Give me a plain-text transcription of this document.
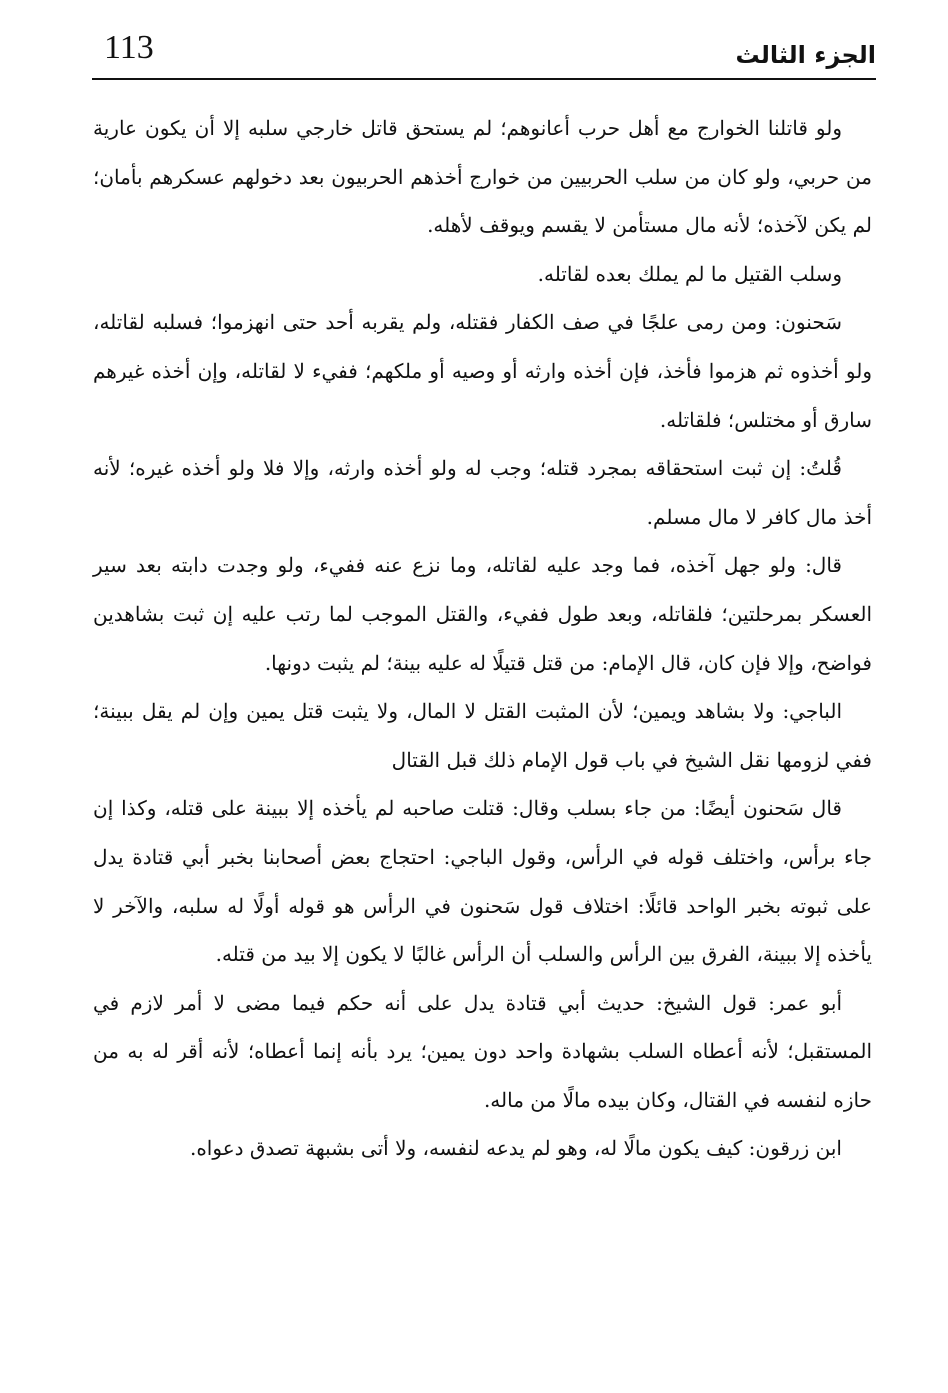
113	الجزء الثالث

ولو قاتلنا الخوارج مع أهل حرب أعانوهم؛ لم يستحق قاتل خارجي سلبه إلا أن يكون عارية من حربي، ولو كان من سلب الحربيين من خوارج أخذهم الحربيون بعد دخولهم عسكرهم بأمان؛ لم يكن لآخذه؛ لأنه مال مستأمن لا يقسم ويوقف لأهله.

وسلب القتيل ما لم يملك بعده لقاتله.

سَحنون: ومن رمى علجًا في صف الكفار فقتله، ولم يقربه أحد حتى انهزموا؛ فسلبه لقاتله، ولو أخذوه ثم هزموا فأخذ، فإن أخذه وارثه أو وصيه أو ملكهم؛ ففيء لا لقاتله، وإن أخذه غيرهم سارق أو مختلس؛ فلقاتله.

قُلتُ: إن ثبت استحقاقه بمجرد قتله؛ وجب له ولو أخذه وارثه، وإلا فلا ولو أخذه غيره؛ لأنه أخذ مال كافر لا مال مسلم.

قال: ولو جهل آخذه، فما وجد عليه لقاتله، وما نزع عنه ففيء، ولو وجدت دابته بعد سير العسكر بمرحلتين؛ فلقاتله، وبعد طول ففيء، والقتل الموجب لما رتب عليه إن ثبت بشاهدين فواضح، وإلا فإن كان، قال الإمام: من قتل قتيلًا له عليه بينة؛ لم يثبت دونها.

الباجي: ولا بشاهد ويمين؛ لأن المثبت القتل لا المال، ولا يثبت قتل يمين وإن لم يقل ببينة؛ ففي لزومها نقل الشيخ في باب قول الإمام ذلك قبل القتال

قال سَحنون أيضًا: من جاء بسلب وقال: قتلت صاحبه لم يأخذه إلا ببينة على قتله، وكذا إن جاء برأس، واختلف قوله في الرأس، وقول الباجي: احتجاج بعض أصحابنا بخبر أبي قتادة يدل على ثبوته بخبر الواحد قائلًا: اختلاف قول سَحنون في الرأس هو قوله أولًا له سلبه، والآخر لا يأخذه إلا ببينة، الفرق بين الرأس والسلب أن الرأس غالبًا لا يكون إلا بيد من قتله.

أبو عمر: قول الشيخ: حديث أبي قتادة يدل على أنه حكم فيما مضى لا أمر لازم في المستقبل؛ لأنه أعطاه السلب بشهادة واحد دون يمين؛ يرد بأنه إنما أعطاه؛ لأنه أقر له به من حازه لنفسه في القتال، وكان بيده مالًا من ماله.

ابن زرقون: كيف يكون مالًا له، وهو لم يدعه لنفسه، ولا أتى بشبهة تصدق دعواه.
